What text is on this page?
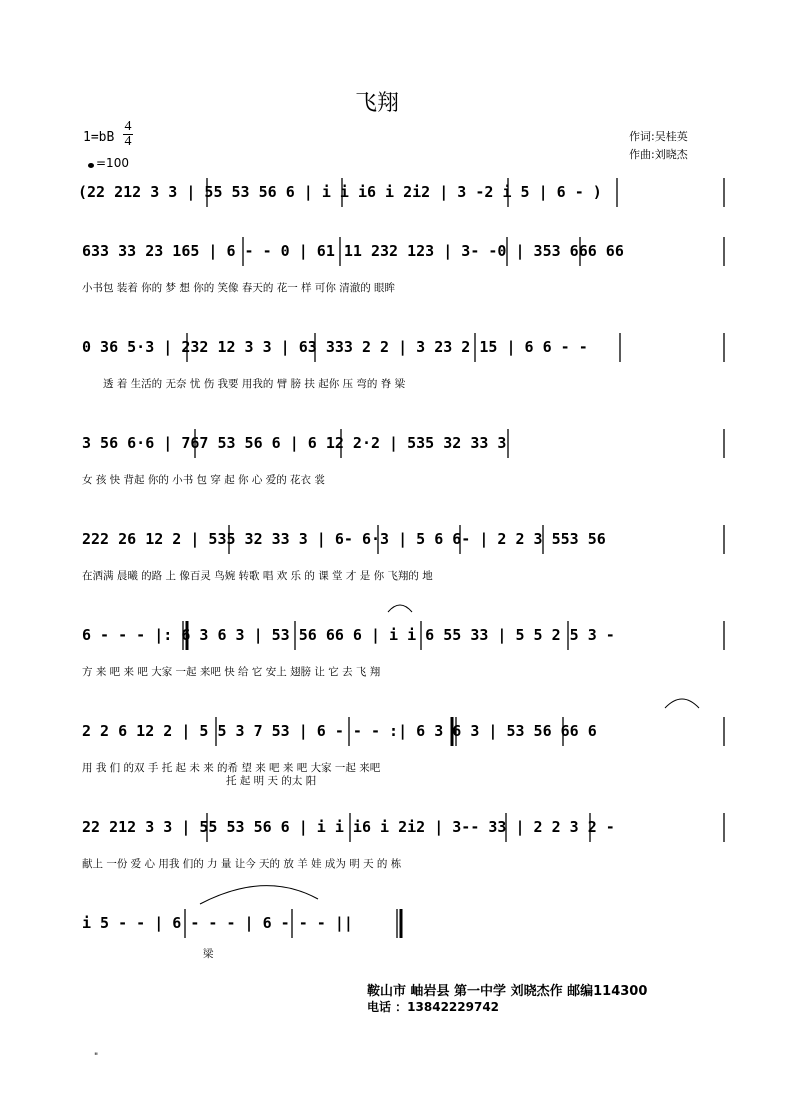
飞翔
1=bB
4
4
=100
作词:吴桂英
作曲:刘晓杰
(22 212 3 3 | 55 53 56 6 | i i i6 i 2i2 | 3 -2 i 5 | 6 - )
633 33 23 165 | 6 - - 0 | 61 11 232 123 | 3- -0 | 353 666 66
小书包 装着 你的 梦 想 你的 笑像 春天的 花一 样 可你 清澈的 眼眸
0 36 5·3 | 232 12 3 3 | 63 333 2 2 | 3 23 2 15 | 6 6 - -
透 着 生活的 无奈 忧 伤 我要 用我的 臂 膀 扶 起你 压 弯的 脊 梁
3 56 6·6 | 767 53 56 6 | 6 12 2·2 | 535 32 33 3
女 孩 快 背起 你的 小书 包 穿 起 你 心 爱的 花衣 裳
222 26 12 2 | 535 32 33 3 | 6- 6·3 | 5 6 6- | 2 2 3 553 56
在洒满 晨曦 的路 上 像百灵 鸟婉 转歌 唱 欢 乐 的 课 堂 才 是 你 飞翔的 地
6 - - - |: 6 3 6 3 | 53 56 66 6 | i i 6 55 33 | 5 5 2 5 3 -
方 来 吧 来 吧 大家 一起 来吧 快 给 它 安上 翅膀 让 它 去 飞 翔
2 2 6 12 2 | 5 5 3 7 53 | 6 - - - :| 6 3 6 3 | 53 56 66 6
用 我 们 的双 手 托 起 未 来 的希 望 来 吧 来 吧 大家 一起 来吧
托 起 明 天 的太 阳
22 212 3 3 | 55 53 56 6 | i i i6 i 2i2 | 3-- 33 | 2 2 3 2 -
献上 一份 爱 心 用我 们的 力 量 让今 天的 放 羊 娃 成为 明 天 的 栋
i 5 - - | 6 - - - | 6 - - - ||
梁
鞍山市 岫岩县 第一中学 刘晓杰作 邮编114300
电话 ：13842229742
"
